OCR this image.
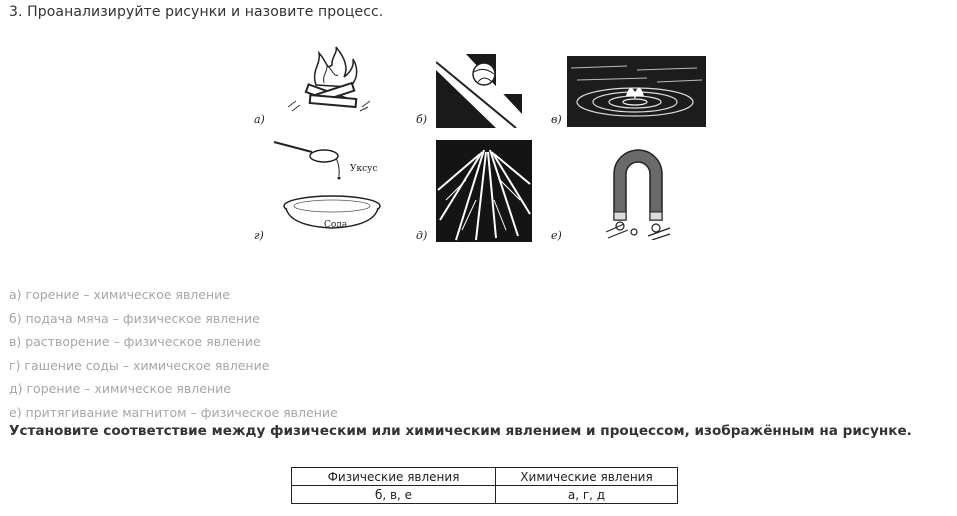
3. Проанализируйте рисунки и назовите процесс.
а)	б)	в)
Уксус
Сода
г)	д)	е)
а) горение – химическое явление
б) подача мяча – физическое явление
в) растворение – физическое явление
г) гашение соды – химическое явление
д) горение – химическое явление
е) притягивание магнитом – физическое явление
Установите соответствие между физическим или химическим явлением и процессом, изображённым на рисунке.
Физические явления	Химические явления
б, в, е	а, г, д
